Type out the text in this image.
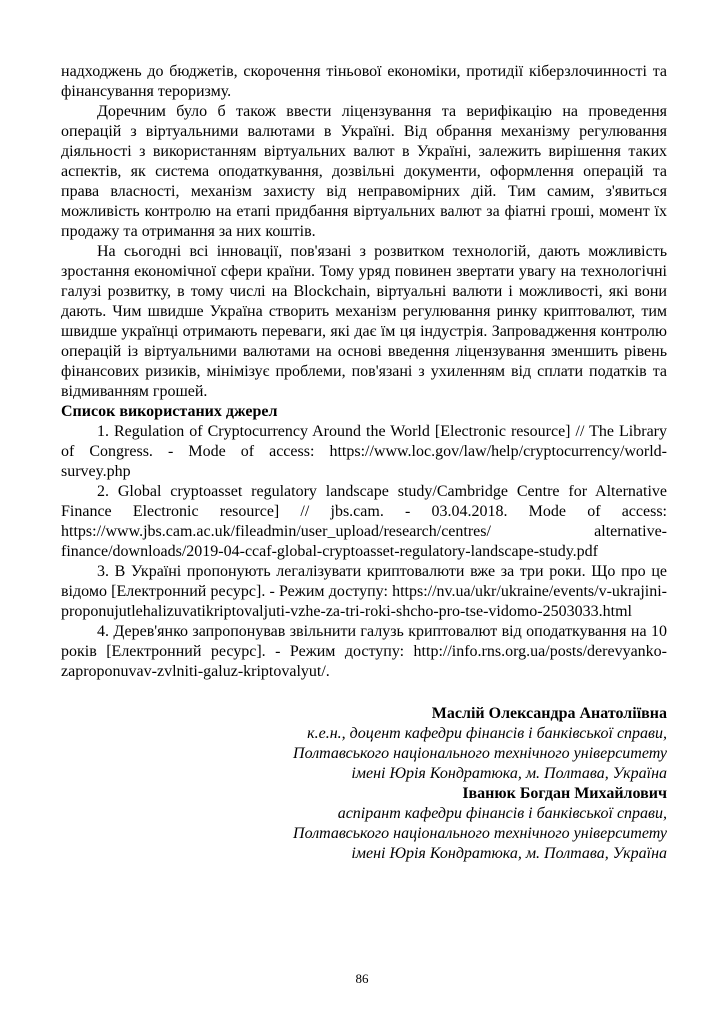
надходжень до бюджетів, скорочення тіньової економіки, протидії кіберзлочинності та фінансування тероризму.

Доречним було б також ввести ліцензування та верифікацію на проведення операцій з віртуальними валютами в Україні. Від обрання механізму регулювання діяльності з використанням віртуальних валют в Україні, залежить вирішення таких аспектів, як система оподаткування, дозвільні документи, оформлення операцій та права власності, механізм захисту від неправомірних дій. Тим самим, з'явиться можливість контролю на етапі придбання віртуальних валют за фіатні гроші, момент їх продажу та отримання за них коштів.

На сьогодні всі інновації, пов'язані з розвитком технологій, дають можливість зростання економічної сфери країни. Тому уряд повинен звертати увагу на технологічні галузі розвитку, в тому числі на Blockchain, віртуальні валюти і можливості, які вони дають. Чим швидше Україна створить механізм регулювання ринку криптовалют, тим швидше українці отримають переваги, які дає їм ця індустрія. Запровадження контролю операцій із віртуальними валютами на основі введення ліцензування зменшить рівень фінансових ризиків, мінімізує проблеми, пов'язані з ухиленням від сплати податків та відмиванням грошей.

Список використаних джерел

1. Regulation of Cryptocurrency Around the World [Electronic resource] // The Library of Congress. - Mode of access: https://www.loc.gov/law/help/cryptocurrency/world-survey.php

2. Global cryptoasset regulatory landscape study/Cambridge Centre for Alternative Finance Electronic resource] // jbs.cam. - 03.04.2018. Mode of access: https://www.jbs.cam.ac.uk/fileadmin/user_upload/research/centres/ alternative-finance/downloads/2019-04-ccaf-global-cryptoasset-regulatory-landscape-study.pdf

3. В Україні пропонують легалізувати криптовалюти вже за три роки. Що про це відомо [Електронний ресурс]. - Режим доступу: https://nv.ua/ukr/ukraine/events/v-ukrajini-proponujutlehalizuvatikriptovaljuti-vzhe-za-tri-roki-shcho-pro-tse-vidomo-2503033.html

4. Дерев'янко запропонував звільнити галузь криптовалют від оподаткування на 10 років [Електронний ресурс]. - Режим доступу: http://info.rns.org.ua/posts/derevyanko-zaproponuvav-zvlniti-galuz-kriptovalyut/.

Маслій Олександра Анатоліївна

к.е.н., доцент кафедри фінансів і банківської справи,

Полтавського національного технічного університету

імені Юрія Кондратюка, м. Полтава, Україна

Іванюк Богдан Михайлович

аспірант кафедри фінансів і банківської справи,

Полтавського національного технічного університету

імені Юрія Кондратюка, м. Полтава, Україна

86
